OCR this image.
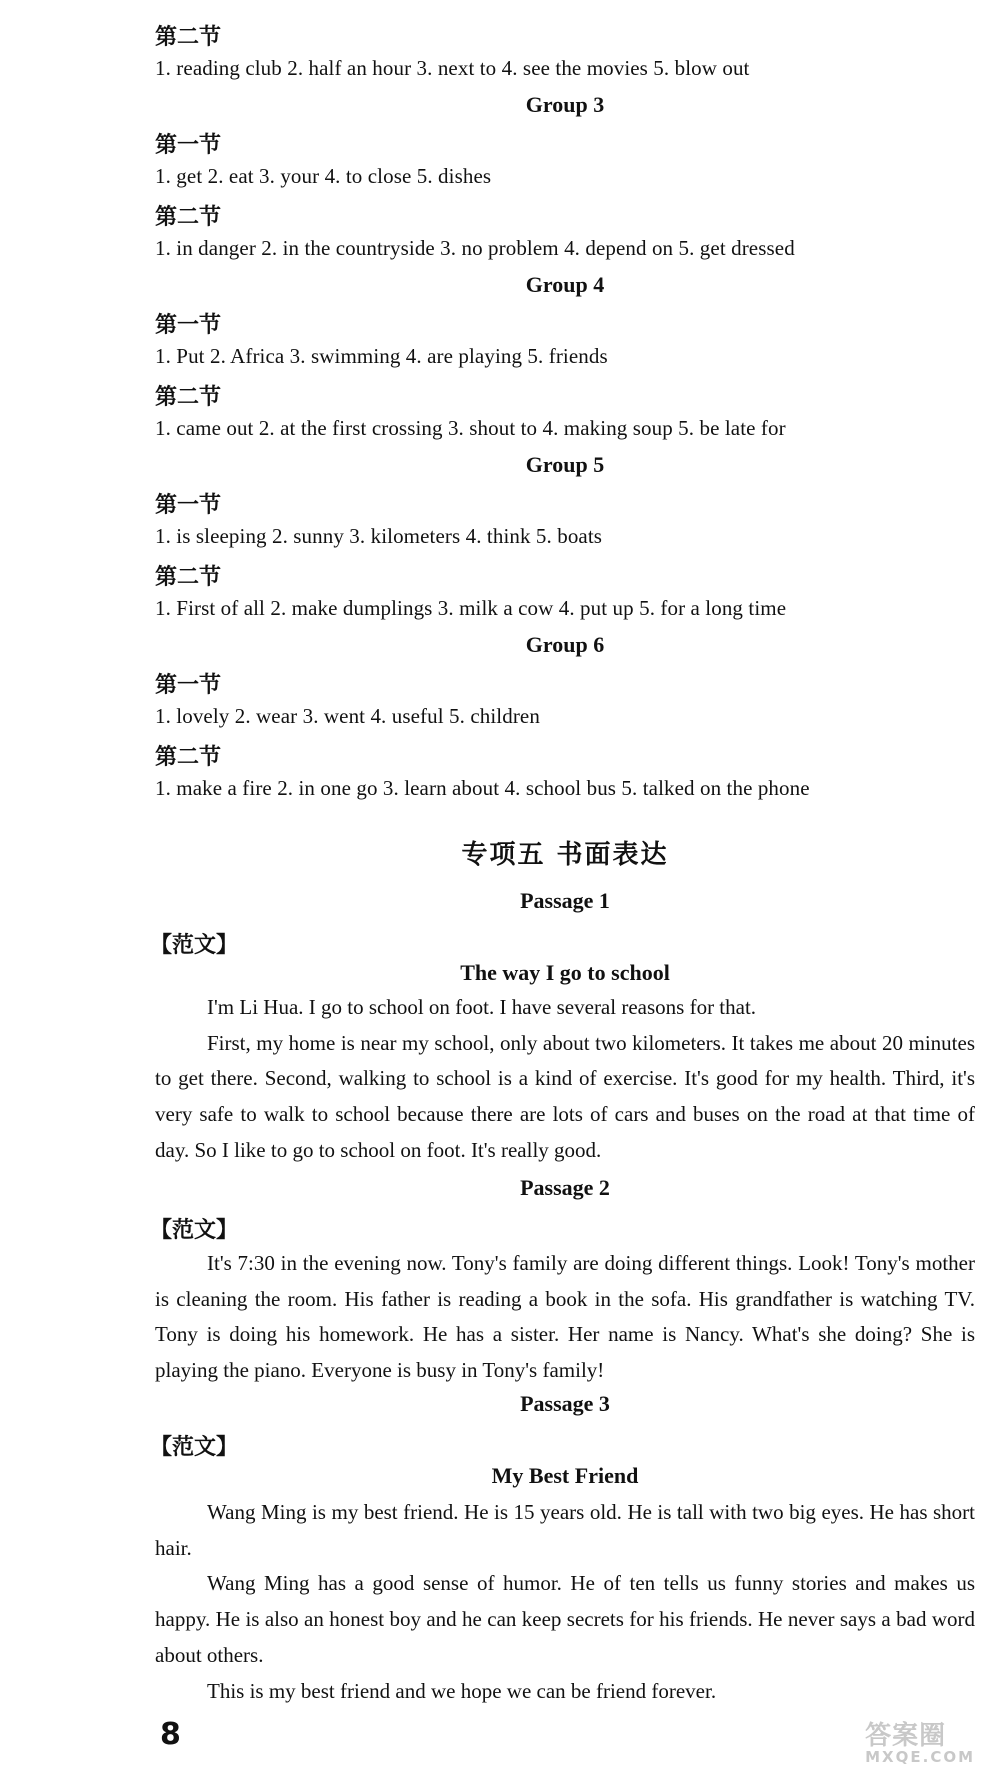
第二节
1. reading club 2. half an hour 3. next to 4. see the movies 5. blow out
Group 3
第一节
1. get 2. eat 3. your 4. to close 5. dishes
第二节
1. in danger 2. in the countryside 3. no problem 4. depend on 5. get dressed
Group 4
第一节
1. Put 2. Africa 3. swimming 4. are playing 5. friends
第二节
1. came out 2. at the first crossing 3. shout to 4. making soup 5. be late for
Group 5
第一节
1. is sleeping 2. sunny 3. kilometers 4. think 5. boats
第二节
1. First of all 2. make dumplings 3. milk a cow 4. put up 5. for a long time
Group 6
第一节
1. lovely 2. wear 3. went 4. useful 5. children
第二节
1. make a fire 2. in one go 3. learn about 4. school bus 5. talked on the phone
专项五 书面表达
Passage 1
【范文】
The way I go to school
I'm Li Hua. I go to school on foot. I have several reasons for that.
First, my home is near my school, only about two kilometers. It takes me about 20 minutes to get there. Second, walking to school is a kind of exercise. It's good for my health. Third, it's very safe to walk to school because there are lots of cars and buses on the road at that time of day. So I like to go to school on foot. It's really good.
Passage 2
【范文】
It's 7:30 in the evening now. Tony's family are doing different things. Look! Tony's mother is cleaning the room. His father is reading a book in the sofa. His grandfather is watching TV. Tony is doing his homework. He has a sister. Her name is Nancy. What's she doing? She is playing the piano. Everyone is busy in Tony's family!
Passage 3
【范文】
My Best Friend
Wang Ming is my best friend. He is 15 years old. He is tall with two big eyes. He has short hair.
Wang Ming has a good sense of humor. He of ten tells us funny stories and makes us happy. He is also an honest boy and he can keep secrets for his friends. He never says a bad word about others.
This is my best friend and we hope we can be friend forever.
8	答案圈
MXQE.COM
